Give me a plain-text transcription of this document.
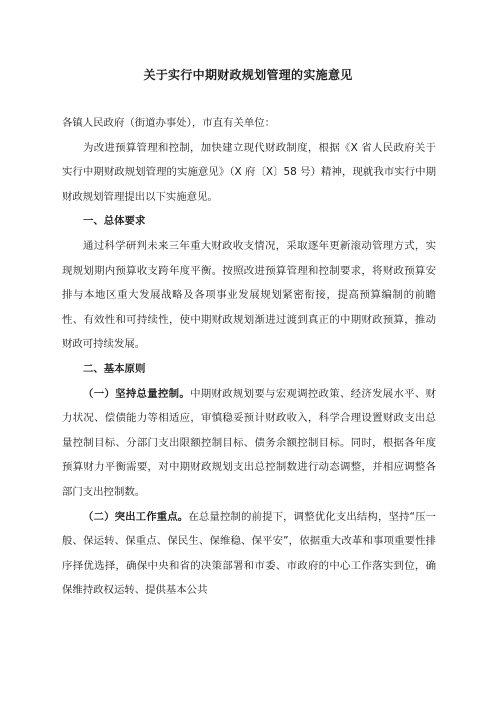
关于实行中期财政规划管理的实施意见

各镇人民政府（街道办事处），市直有关单位：

为改进预算管理和控制，加快建立现代财政制度，根据《X 省人民政府关于实行中期财政规划管理的实施意见》（X 府〔X〕58 号）精神，现就我市实行中期财政规划管理提出以下实施意见。

一、总体要求

通过科学研判未来三年重大财政收支情况，采取逐年更新滚动管理方式，实现规划期内预算收支跨年度平衡。按照改进预算管理和控制要求，将财政预算安排与本地区重大发展战略及各项事业发展规划紧密衔接，提高预算编制的前瞻性、有效性和可持续性，使中期财政规划渐进过渡到真正的中期财政预算，推动财政可持续发展。

二、基本原则

（一）坚持总量控制。中期财政规划要与宏观调控政策、经济发展水平、财力状况、偿债能力等相适应，审慎稳妥预计财政收入，科学合理设置财政支出总量控制目标、分部门支出限额控制目标、债务余额控制目标。同时，根据各年度预算财力平衡需要，对中期财政规划支出总控制数进行动态调整，并相应调整各部门支出控制数。

（二）突出工作重点。在总量控制的前提下，调整优化支出结构，坚持“压一般、保运转、保重点、保民生、保维稳、保平安”，依据重大改革和事项重要性排序择优选择，确保中央和省的决策部署和市委、市政府的中心工作落实到位，确保维持政权运转、提供基本公共
